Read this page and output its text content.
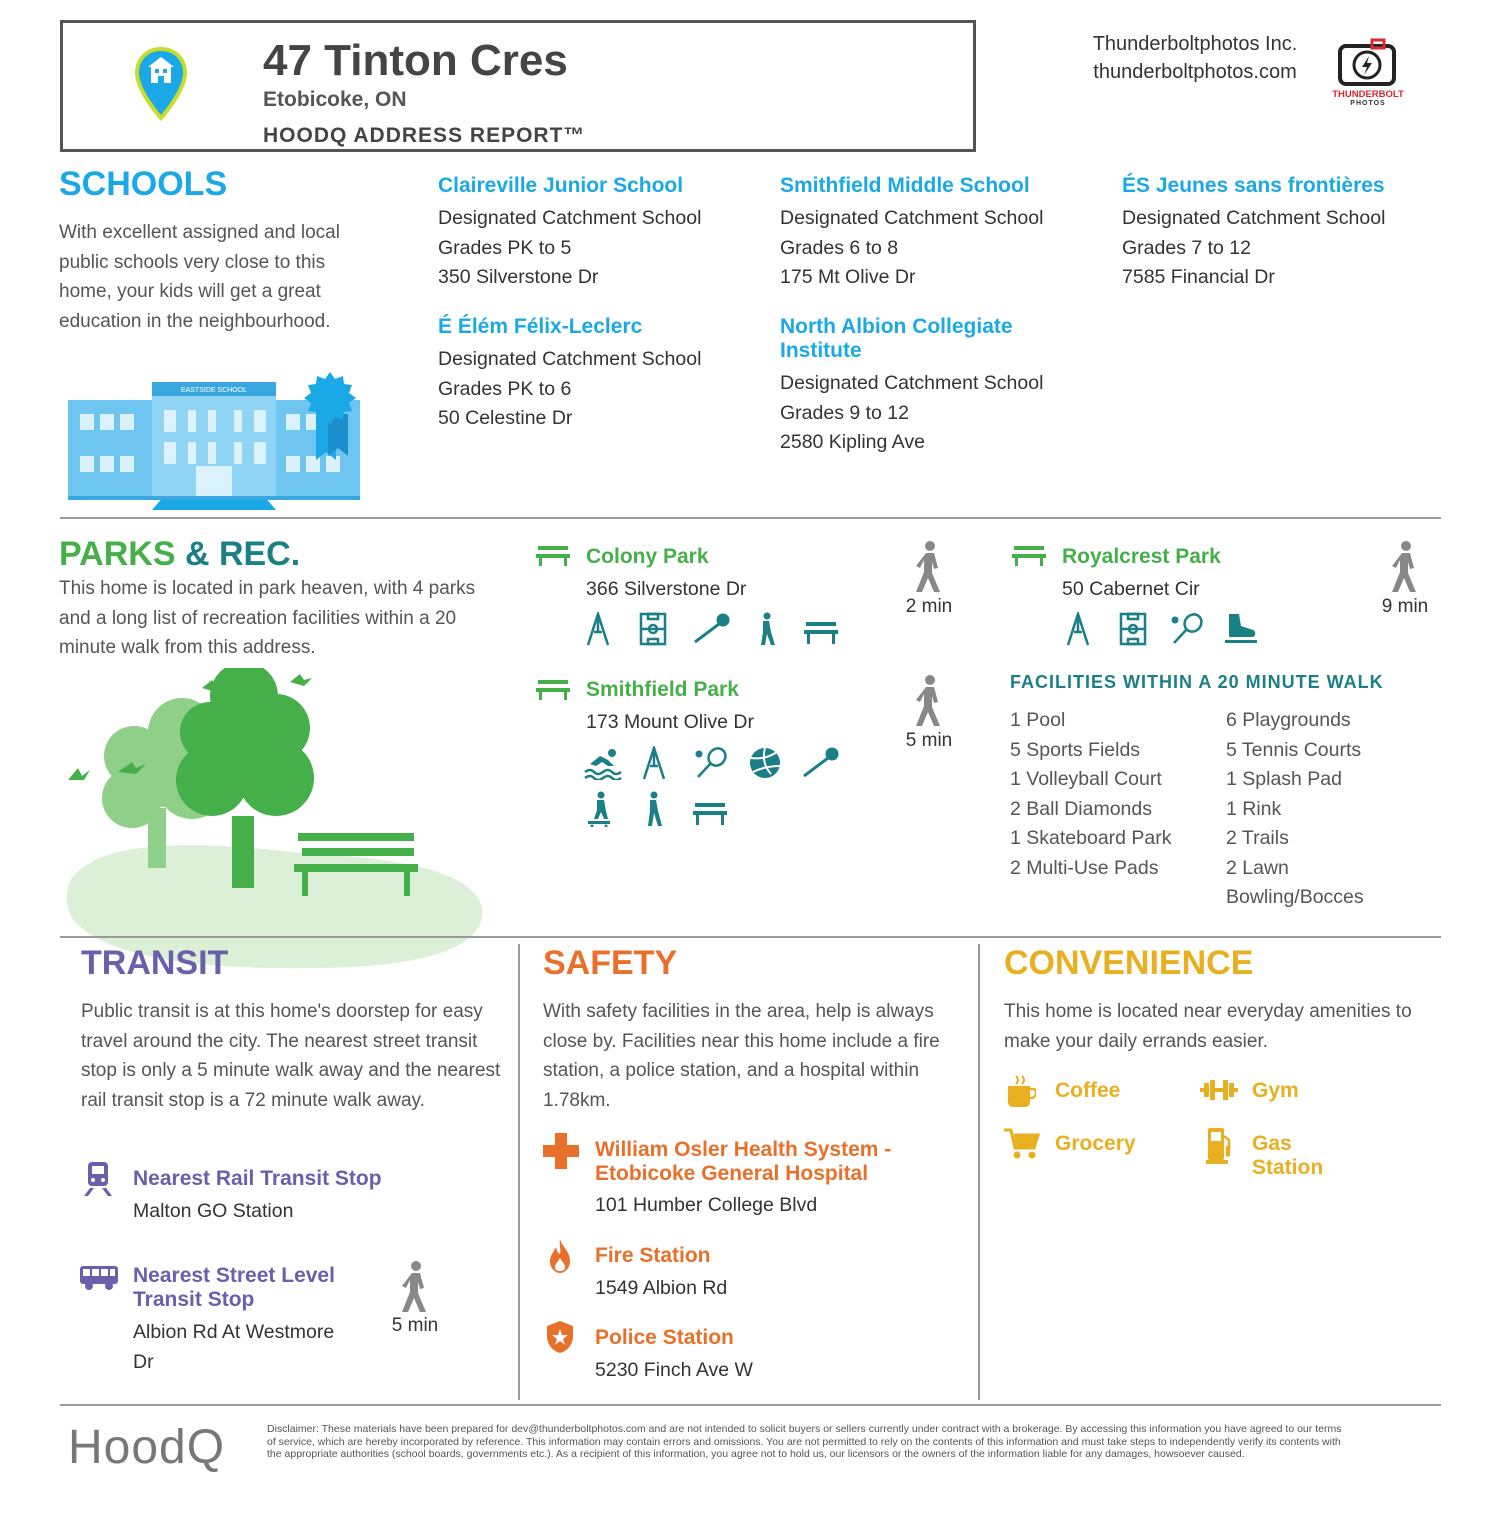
47 Tinton Cres
Etobicoke, ON
HOODQ ADDRESS REPORT™
Thunderboltphotos Inc.
thunderboltphotos.com
THUNDERBOLT
PHOTOS
SCHOOLS
With excellent assigned and local public schools very close to this home, your kids will get a great education in the neighbourhood.
EASTSIDE SCHOOL
Claireville Junior School
Designated Catchment School
Grades PK to 5
350 Silverstone Dr
Smithfield Middle School
Designated Catchment School
Grades 6 to 8
175 Mt Olive Dr
ÉS Jeunes sans frontières
Designated Catchment School
Grades 7 to 12
7585 Financial Dr
É Élém Félix-Leclerc
Designated Catchment School
Grades PK to 6
50 Celestine Dr
North Albion Collegiate
Institute
Designated Catchment School
Grades 9 to 12
2580 Kipling Ave
PARKS & REC.
This home is located in park heaven, with 4 parks and a long list of recreation facilities within a 20 minute walk from this address.
Colony Park
366 Silverstone Dr

2 min
Smithfield Park
173 Mount Olive Dr

5 min
Royalcrest Park
50 Cabernet Cir

9 min
FACILITIES WITHIN A 20 MINUTE WALK
1 Pool
5 Sports Fields
1 Volleyball Court
2 Ball Diamonds
1 Skateboard Park
2 Multi-Use Pads
6 Playgrounds
5 Tennis Courts
1 Splash Pad
1 Rink
2 Trails
2 Lawn
Bowling/Bocces
TRANSIT
Public transit is at this home's doorstep for easy travel around the city. The nearest street transit stop is only a 5 minute walk away and the nearest rail transit stop is a 72 minute walk away.
Nearest Rail Transit Stop
Malton GO Station
Nearest Street Level
Transit Stop
Albion Rd At Westmore
Dr
5 min
SAFETY
With safety facilities in the area, help is always close by. Facilities near this home include a fire station, a police station, and a hospital within 1.78km.
William Osler Health System -
Etobicoke General Hospital
101 Humber College Blvd
Fire Station
1549 Albion Rd
Police Station
5230 Finch Ave W
CONVENIENCE
This home is located near everyday amenities to make your daily errands easier.
Coffee	Gym
Grocery	Gas
Station
HoodQ	Disclaimer: These materials have been prepared for dev@thunderboltphotos.com and are not intended to solicit buyers or sellers currently under contract with a brokerage. By accessing this information you have agreed to our terms
of service, which are hereby incorporated by reference. This information may contain errors and omissions. You are not permitted to rely on the contents of this information and must take steps to independently verify its contents with
the appropriate authorities (school boards, governments etc.). As a recipient of this information, you agree not to hold us, our licensors or the owners of the information liable for any damages, howsoever caused.
